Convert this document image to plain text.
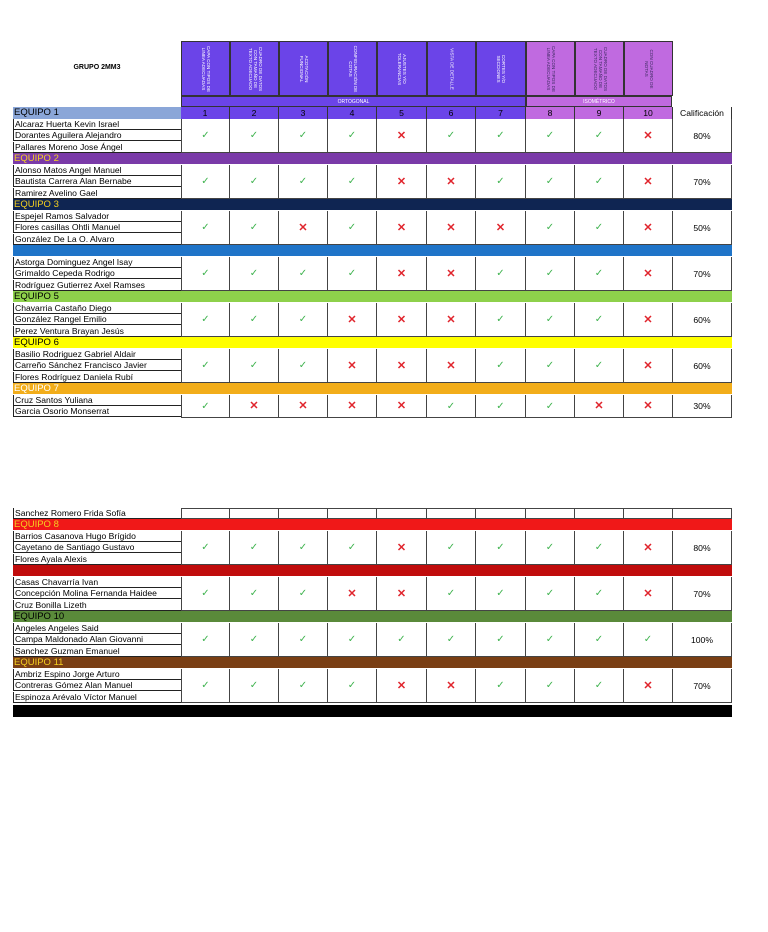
GRUPO 2MM3	CAPA CON TIPOS DE LINEA ADECUADAS	CUADRO DE DATOS CON TAMAÑO DE TEXTO ADECUADO	ACOTACIÓN FUNCIONAL	CONFIGURACIÓN DE COTAS	AJUSTES Y/O TOLERANCIAS	VISTA DE DETALLE	CORTES Y/O SECCIONES	CAPA CON TIPOS DE LINEA ADECUADAS	CUADRO DE DATOS CON TAMAÑO DE TEXTO ADECUADO	CON CUADRO DE NOTAS
ORTOGONAL	ISOMÉTRICO
EQUIPO 1	1	2	3	4	5	6	7	8	9	10	Calificación
Alcaraz Huerta Kevin Israel
Dorantes Aguilera Alejandro
Pallares Moreno Jose Ángel
✓	✓	✓	✓	✕	✓	✓	✓	✓	✕	80%
EQUIPO 2
Alonso Matos Angel Manuel
Bautista Carrera Alan Bernabe
Ramirez Avelino Gael
✓	✓	✓	✓	✕	✕	✓	✓	✓	✕	70%
EQUIPO 3
Espejel Ramos Salvador
Flores casillas Ohtli Manuel
González De La O. Alvaro
✓	✓	✕	✓	✕	✕	✕	✓	✓	✕	50%
EQUIPO 4
Astorga Dominguez Angel Isay
Grimaldo Cepeda Rodrigo
Rodríguez Gutierrez Axel Ramses
✓	✓	✓	✓	✕	✕	✓	✓	✓	✕	70%
EQUIPO 5
Chavarria Castaño Diego
González Rangel Emilio
Perez Ventura Brayan Jesús
✓	✓	✓	✕	✕	✕	✓	✓	✓	✕	60%
EQUIPO 6
Basilio Rodriguez Gabriel Aldair
Carreño Sánchez Francisco Javier
Flores Rodríguez Daniela Rubí
✓	✓	✓	✕	✕	✕	✓	✓	✓	✕	60%
EQUIPO 7
Cruz Santos Yuliana
Garcia Osorio Monserrat
Sanchez Romero Frida Sofía
✓	✕	✕	✕	✕	✓	✓	✓	✕	✕	30%
EQUIPO 8
Barrios Casanova Hugo Brígido
Cayetano de Santiago Gustavo
Flores Ayala Alexis
✓	✓	✓	✓	✕	✓	✓	✓	✓	✕	80%
EQUIPO 9
Casas Chavarría Ivan
Concepción Molina Fernanda Haidee
Cruz Bonilla Lizeth
✓	✓	✓	✕	✕	✓	✓	✓	✓	✕	70%
EQUIPO 10
Angeles Angeles Said
Campa Maldonado Alan Giovanni
Sanchez Guzman Emanuel
✓	✓	✓	✓	✓	✓	✓	✓	✓	✓	100%
EQUIPO 11
Ambriz Espino Jorge Arturo
Contreras Gómez Alan Manuel
Espinoza Arévalo Víctor Manuel
✓	✓	✓	✓	✕	✕	✓	✓	✓	✕	70%
